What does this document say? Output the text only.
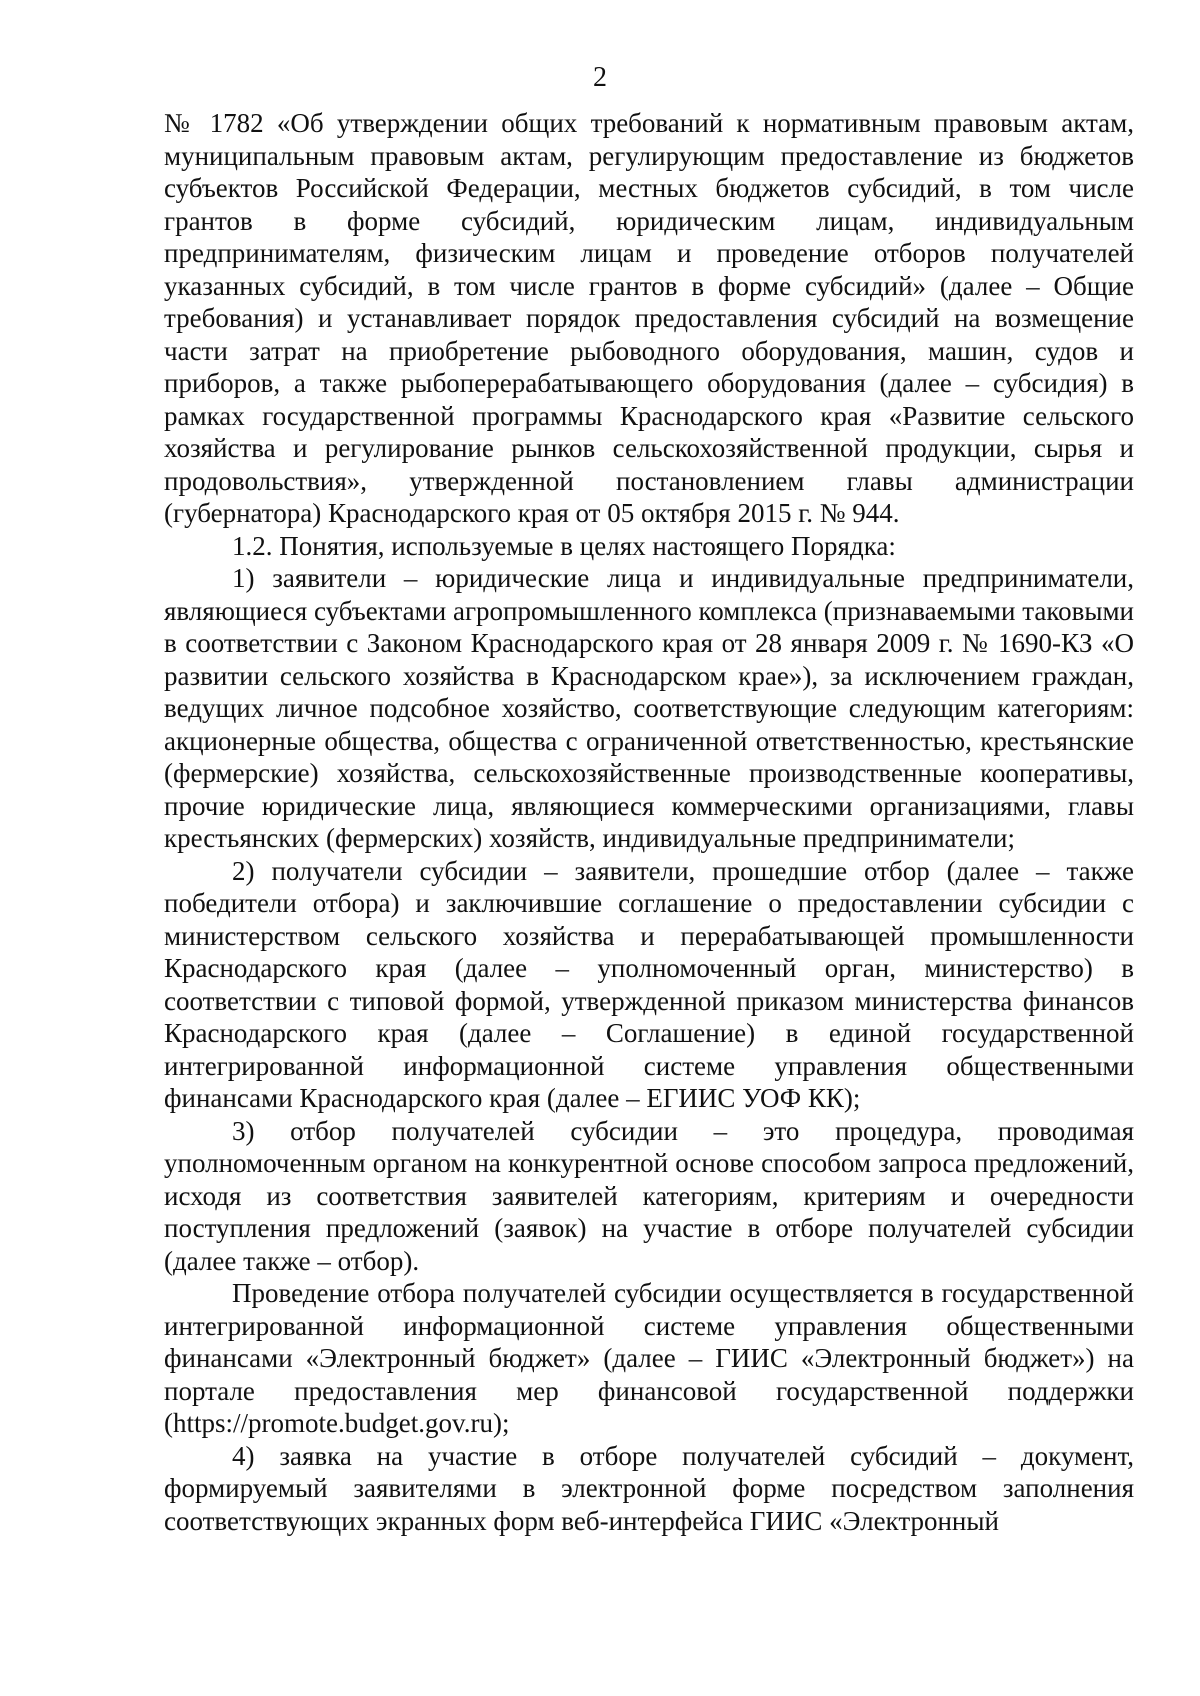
2

№ 1782 «Об утверждении общих требований к нормативным правовым актам, муниципальным правовым актам, регулирующим предоставление из бюджетов субъектов Российской Федерации, местных бюджетов субсидий, в том числе грантов в форме субсидий, юридическим лицам, индивидуальным предпринимателям, физическим лицам и проведение отборов получателей указанных субсидий, в том числе грантов в форме субсидий» (далее – Общие требования) и устанавливает порядок предоставления субсидий на возмещение части затрат на приобретение рыбоводного оборудования, машин, судов и приборов, а также рыбоперерабатывающего оборудования (далее – субсидия) в рамках государственной программы Краснодарского края «Развитие сельского хозяйства и регулирование рынков сельскохозяйственной продукции, сырья и продовольствия», утвержденной постановлением главы администрации (губернатора) Краснодарского края от 05 октября 2015 г. № 944.

1.2. Понятия, используемые в целях настоящего Порядка:

1) заявители – юридические лица и индивидуальные предприниматели, являющиеся субъектами агропромышленного комплекса (признаваемыми таковыми в соответствии с Законом Краснодарского края от 28 января 2009 г. № 1690-КЗ «О развитии сельского хозяйства в Краснодарском крае»), за исключением граждан, ведущих личное подсобное хозяйство, соответствующие следующим категориям: акционерные общества, общества с ограниченной ответственностью, крестьянские (фермерские) хозяйства, сельскохозяйственные производственные кооперативы, прочие юридические лица, являющиеся коммерческими организациями, главы крестьянских (фермерских) хозяйств, индивидуальные предприниматели;

2) получатели субсидии – заявители, прошедшие отбор (далее – также победители отбора) и заключившие соглашение о предоставлении субсидии с министерством сельского хозяйства и перерабатывающей промышленности Краснодарского края (далее – уполномоченный орган, министерство) в соответствии с типовой формой, утвержденной приказом министерства финансов Краснодарского края (далее – Соглашение) в единой государственной интегрированной информационной системе управления общественными финансами Краснодарского края (далее – ЕГИИС УОФ КК);

3) отбор получателей субсидии – это процедура, проводимая уполномоченным органом на конкурентной основе способом запроса предложений, исходя из соответствия заявителей категориям, критериям и очередности поступления предложений (заявок) на участие в отборе получателей субсидии (далее также – отбор).

Проведение отбора получателей субсидии осуществляется в государственной интегрированной информационной системе управления общественными финансами «Электронный бюджет» (далее – ГИИС «Электронный бюджет») на портале предоставления мер финансовой государственной поддержки (https://promote.budget.gov.ru);

4) заявка на участие в отборе получателей субсидий – документ, формируемый заявителями в электронной форме посредством заполнения соответствующих экранных форм веб-интерфейса ГИИС «Электронный
